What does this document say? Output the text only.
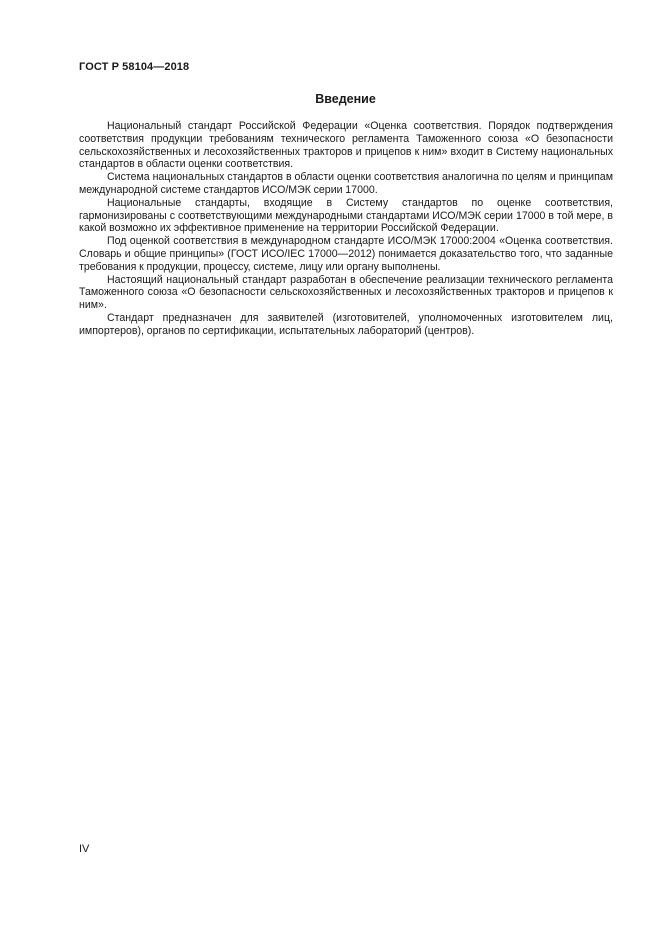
ГОСТ Р 58104—2018
Введение

Национальный стандарт Российской Федерации «Оценка соответствия. Порядок подтверждения соответствия продукции требованиям технического регламента Таможенного союза «О безопасности сельскохозяйственных и лесохозяйственных тракторов и прицепов к ним» входит в Систему национальных стандартов в области оценки соответствия.

Система национальных стандартов в области оценки соответствия аналогична по целям и принципам международной системе стандартов ИСО/МЭК серии 17000.

Национальные стандарты, входящие в Систему стандартов по оценке соответствия, гармонизированы с соответствующими международными стандартами ИСО/МЭК серии 17000 в той мере, в какой возможно их эффективное применение на территории Российской Федерации.

Под оценкой соответствия в международном стандарте ИСО/МЭК 17000:2004 «Оценка соответствия. Словарь и общие принципы» (ГОСТ ИСО/IEC 17000—2012) понимается доказательство того, что заданные требования к продукции, процессу, системе, лицу или органу выполнены.

Настоящий национальный стандарт разработан в обеспечение реализации технического регламента Таможенного союза «О безопасности сельскохозяйственных и лесохозяйственных тракторов и прицепов к ним».

Стандарт предназначен для заявителей (изготовителей, уполномоченных изготовителем лиц, импортеров), органов по сертификации, испытательных лабораторий (центров).

IV
